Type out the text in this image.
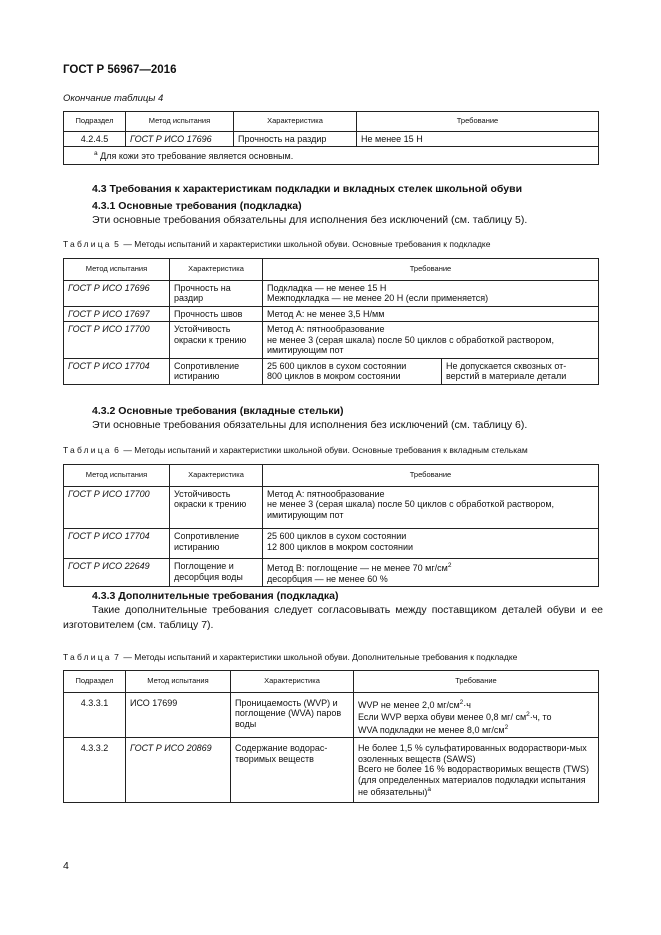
ГОСТ Р 56967—2016
Окончание таблицы 4
Подраздел	Метод испытания	Характеристика	Требование
4.2.4.5	ГОСТ Р ИСО 17696	Прочность на раздир	Не менее 15 Н
$^a$ Для кожи это требование является основным.			
4.3 Требования к характеристикам подкладки и вкладных стелек школьной обуви
4.3.1 Основные требования (подкладка)
Эти основные требования обязательны для исполнения без исключений (см. таблицу 5).
Таблица 5 — Методы испытаний и характеристики школьной обуви. Основные требования к подкладке
Метод испытания	Характеристика	Требование	
ГОСТ Р ИСО 17696	Прочность на раздир	Подкладка — не менее 15 Н
Межподкладка — не менее 20 Н (если применяется)	

ГОСТ Р ИСО 17697	Прочность швов	Метод А: не менее 3,5 Н/мм	
ГОСТ Р ИСО 17700	Устойчивость окраски к трению	Метод А: пятнообразование
не менее 3 (серая шкала) после 50 циклов с обработкой раствором, имитирующим пот	

ГОСТ Р ИСО 17704	Сопротивление истиранию	25 600 циклов в сухом состоянии
800 циклов в мокром состоянии	Не допускается сквозных от-верстий в материале детали
4.3.2 Основные требования (вкладные стельки)
Эти основные требования обязательны для исполнения без исключений (см. таблицу 6).
Таблица 6 — Методы испытаний и характеристики школьной обуви. Основные требования к вкладным стелькам
Метод испытания	Характеристика	Требование
ГОСТ Р ИСО 17700	Устойчивость окраски к трению	Метод А: пятнообразование
не менее 3 (серая шкала) после 50 циклов с обработкой раствором, имитирующим пот

ГОСТ Р ИСО 17704	Сопротивление истиранию	25 600 циклов в сухом состоянии
12 800 циклов в мокром состоянии

ГОСТ Р ИСО 22649	Поглощение и десорбция воды	Метод В: поглощение — не менее 70 $мг/см^2$
десорбция — не менее 60 %
4.3.3 Дополнительные требования (подкладка)
Такие дополнительные требования следует согласовывать между поставщиком деталей обуви и ее изготовителем (см. таблицу 7).
Таблица 7 — Методы испытаний и характеристики школьной обуви. Дополнительные требования к подкладке
Подраздел	Метод испытания	Характеристика	Требование
4.3.3.1	ИСО 17699	Проницаемость (WVP) и поглощение (WVA) паров воды	WVP не менее 2,0 $мг/см^2\cdot ч$
Если WVP верха обуви менее 0,8 мг/ $см^2\cdot ч$, то
WVA подкладки не менее 8,0 $мг/см^2$

4.3.3.2	ГОСТ Р ИСО 20869	Содержание водорас-творимых веществ	Не более 1,5 % сульфатированных водораствори-мых озоленных веществ (SAWS)
Всего не более 16 % водорастворимых веществ (TWS) (для определенных материалов подкладки испытания не обязательны)$^a$
4
